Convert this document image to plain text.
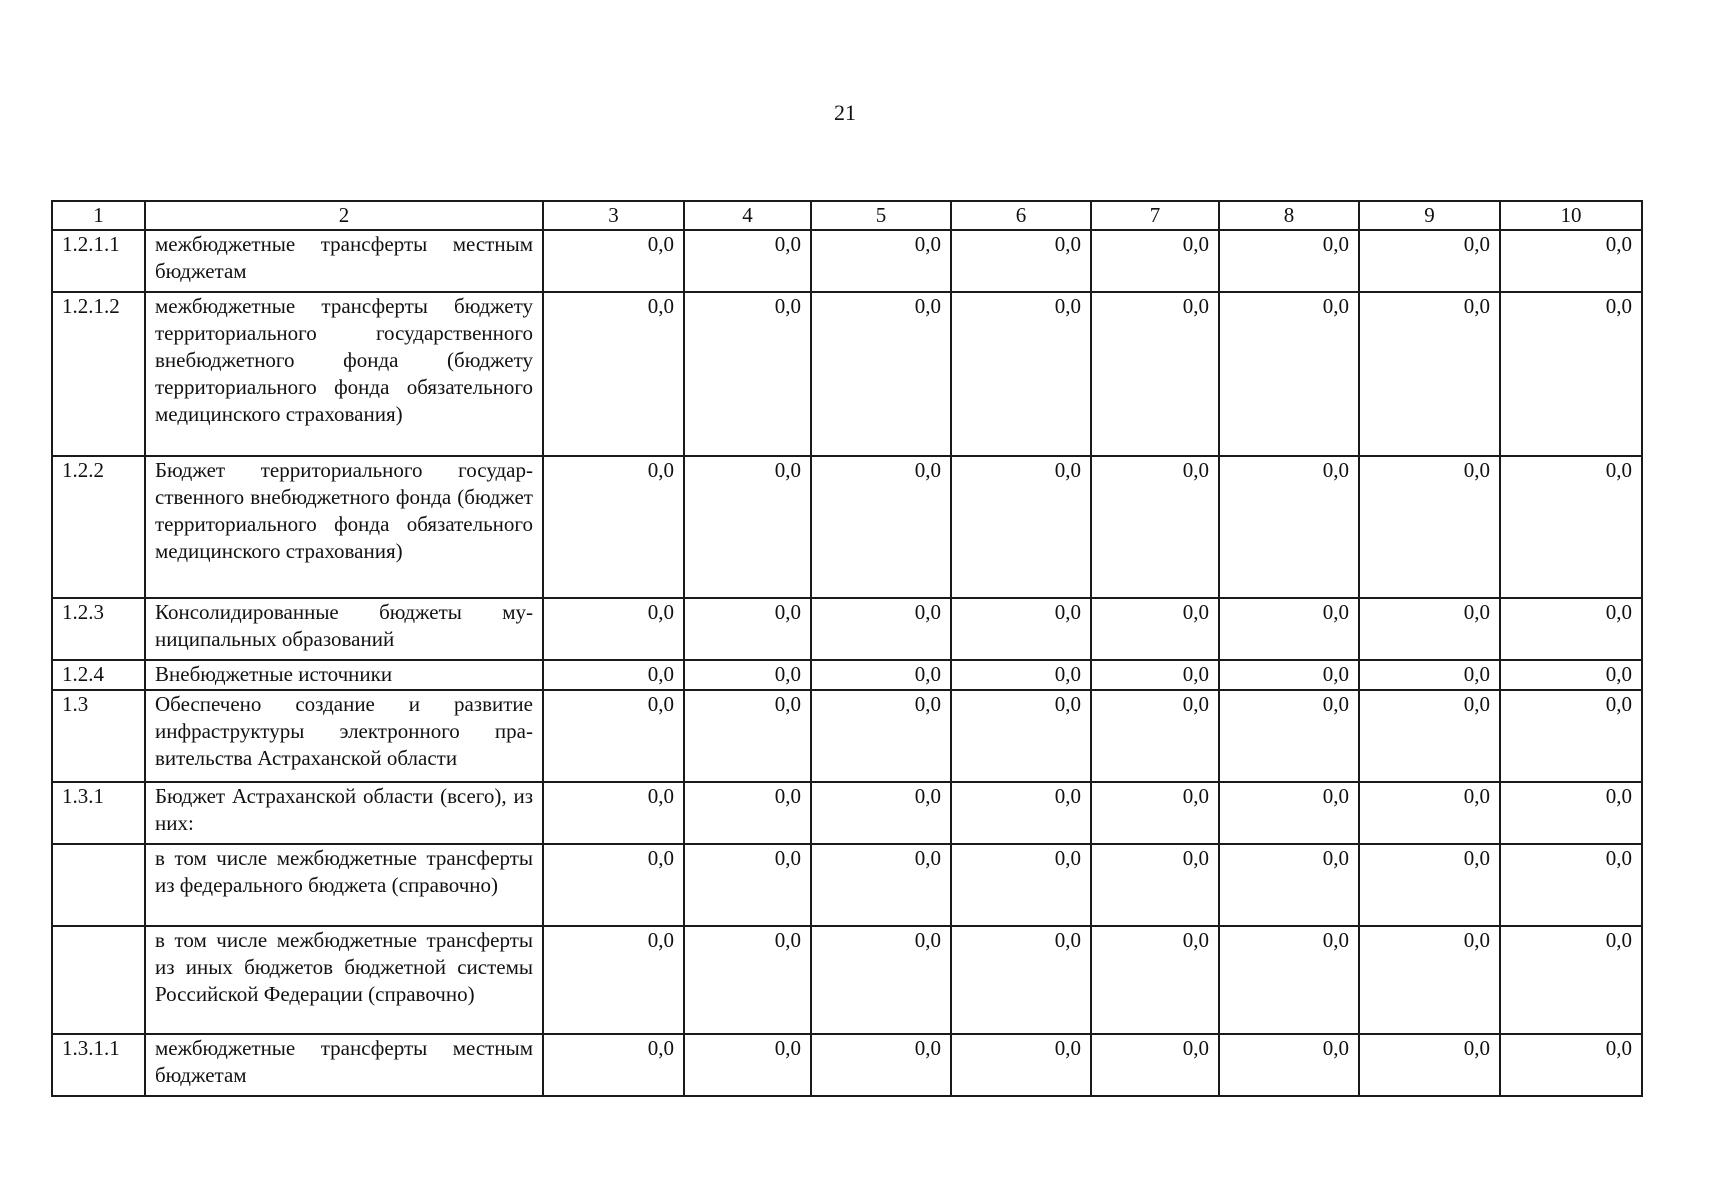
21
1	2	3	4	5	6	7	8	9	10
1.2.1.1	межбюджетные трансферты местным бюджетам	0,0	0,0	0,0	0,0	0,0	0,0	0,0	0,0
1.2.1.2	межбюджетные трансферты бюджету территориального государственного внебюджетного фонда (бюджету территориального фонда обязательного медицинского страхования)	0,0	0,0	0,0	0,0	0,0	0,0	0,0	0,0
1.2.2	Бюджет территориального государственного внебюджетного фонда (бюджет территориального фонда обязательного медицинского страхования)	0,0	0,0	0,0	0,0	0,0	0,0	0,0	0,0
1.2.3	Консолидированные бюджеты муниципальных образований	0,0	0,0	0,0	0,0	0,0	0,0	0,0	0,0
1.2.4	Внебюджетные источники	0,0	0,0	0,0	0,0	0,0	0,0	0,0	0,0
1.3	Обеспечено создание и развитие инфраструктуры электронного правительства Астраханской области	0,0	0,0	0,0	0,0	0,0	0,0	0,0	0,0
1.3.1	Бюджет Астраханской области (всего), из них:	0,0	0,0	0,0	0,0	0,0	0,0	0,0	0,0
	в том числе межбюджетные трансферты из федерального бюджета (справочно)	0,0	0,0	0,0	0,0	0,0	0,0	0,0	0,0
	в том числе межбюджетные трансферты из иных бюджетов бюджетной системы Российской Федерации (справочно)	0,0	0,0	0,0	0,0	0,0	0,0	0,0	0,0
1.3.1.1	межбюджетные трансферты местным бюджетам	0,0	0,0	0,0	0,0	0,0	0,0	0,0	0,0
